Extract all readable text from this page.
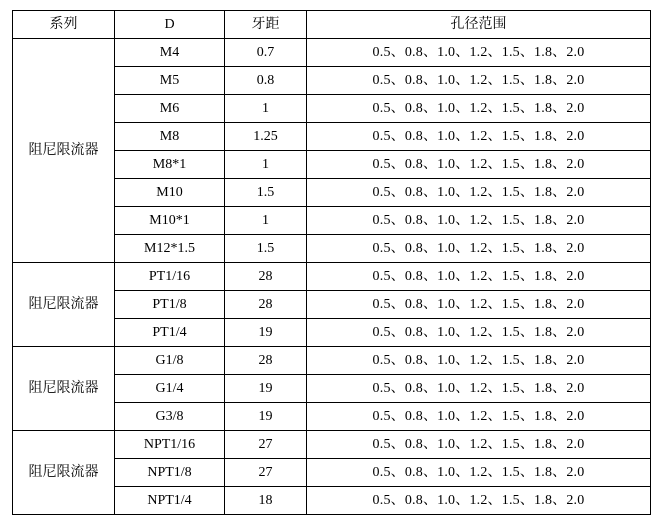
系列	D	牙距	孔径范围
阻尼限流器	M4	0.7	0.5、0.8、1.0、1.2、1.5、1.8、2.0
	M5	0.8	0.5、0.8、1.0、1.2、1.5、1.8、2.0
	M6	1	0.5、0.8、1.0、1.2、1.5、1.8、2.0
	M8	1.25	0.5、0.8、1.0、1.2、1.5、1.8、2.0
	M8*1	1	0.5、0.8、1.0、1.2、1.5、1.8、2.0
	M10	1.5	0.5、0.8、1.0、1.2、1.5、1.8、2.0
	M10*1	1	0.5、0.8、1.0、1.2、1.5、1.8、2.0
	M12*1.5	1.5	0.5、0.8、1.0、1.2、1.5、1.8、2.0
阻尼限流器	PT1/16	28	0.5、0.8、1.0、1.2、1.5、1.8、2.0
	PT1/8	28	0.5、0.8、1.0、1.2、1.5、1.8、2.0
	PT1/4	19	0.5、0.8、1.0、1.2、1.5、1.8、2.0
阻尼限流器	G1/8	28	0.5、0.8、1.0、1.2、1.5、1.8、2.0
	G1/4	19	0.5、0.8、1.0、1.2、1.5、1.8、2.0
	G3/8	19	0.5、0.8、1.0、1.2、1.5、1.8、2.0
阻尼限流器	NPT1/16	27	0.5、0.8、1.0、1.2、1.5、1.8、2.0
	NPT1/8	27	0.5、0.8、1.0、1.2、1.5、1.8、2.0
	NPT1/4	18	0.5、0.8、1.0、1.2、1.5、1.8、2.0
